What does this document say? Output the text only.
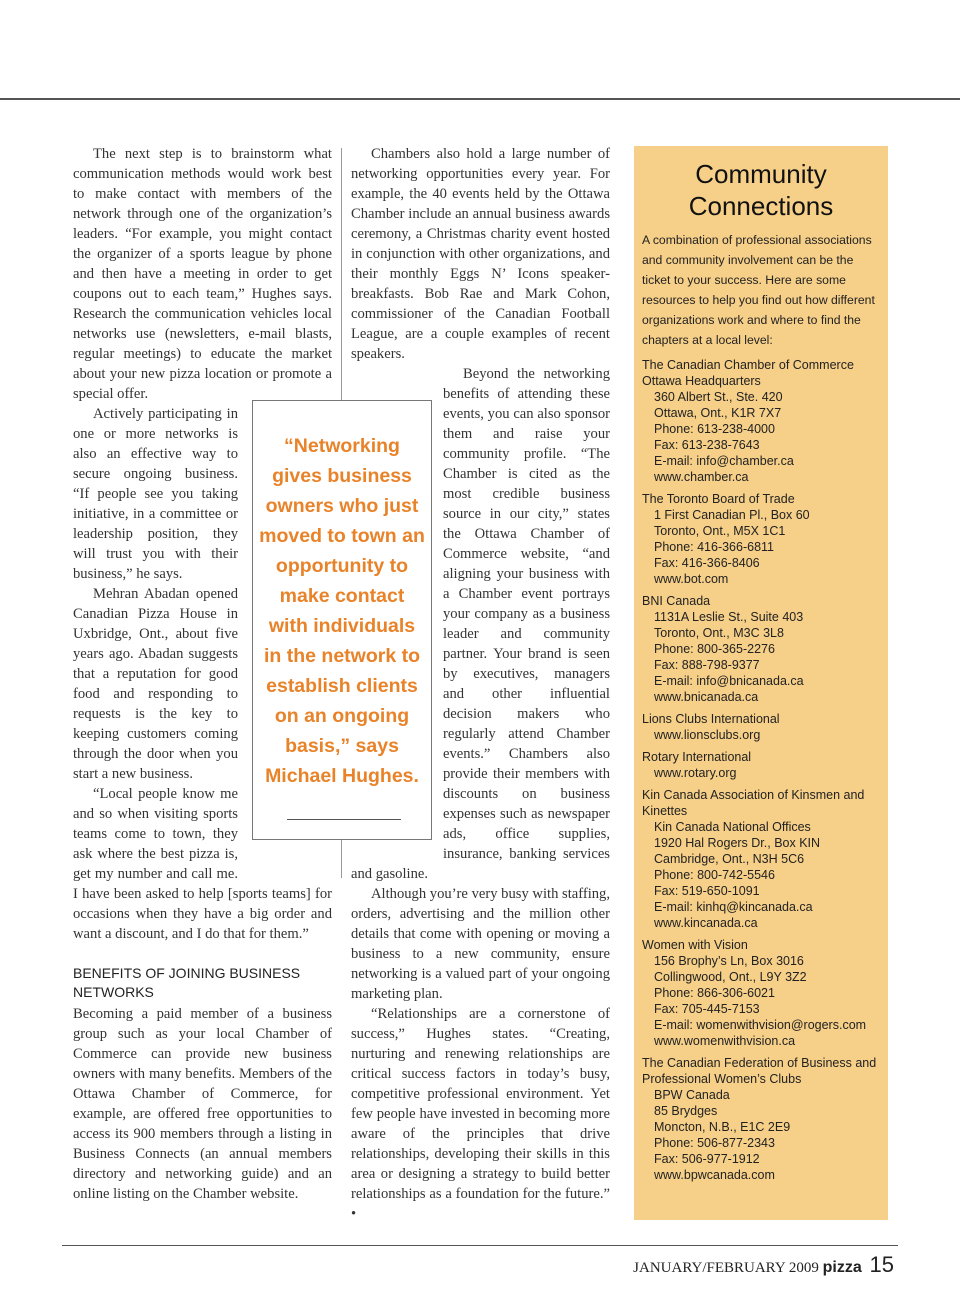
The next step is to brainstorm what communication methods would work best to make contact with members of the network through one of the organization’s leaders. “For example, you might contact the organizer of a sports league by phone and then have a meeting in order to get coupons out to each team,” Hughes says. Research the communication vehicles local networks use (newsletters, e-mail blasts, regular meetings) to educate the market about your new pizza location or promote a special offer.

Actively participating in one or more networks is also an effective way to secure ongoing business. “If people see you taking initiative, in a committee or leadership position, they will trust you with their business,” he says.

Mehran Abadan opened Canadian Pizza House in Uxbridge, Ont., about five years ago. Abadan suggests that a reputation for good food and responding to requests is the key to keeping customers coming through the door when you start a new business.

“Local people know me and so when visiting sports teams come to town, they ask where the best pizza is, get my number and call me. I have been asked to help [sports teams] for occasions when they have a big order and want a discount, and I do that for them.”

BENEFITS OF JOINING BUSINESS NETWORKS

Becoming a paid member of a business group such as your local Chamber of Commerce can provide new business owners with many benefits. Members of the Ottawa Chamber of Commerce, for example, are offered free opportunities to access its 900 members through a listing in Business Connects (an annual members directory and networking guide) and an online listing on the Chamber website.

Chambers also hold a large number of networking opportunities every year. For example, the 40 events held by the Ottawa Chamber include an annual business awards ceremony, a Christmas charity event hosted in conjunction with other organizations, and their monthly Eggs N’ Icons speaker-breakfasts. Bob Rae and Mark Cohon, commissioner of the Canadian Football League, are a couple examples of recent speakers.

Beyond the networking benefits of attending these events, you can also sponsor them and raise your community profile. “The Chamber is cited as the most credible business source in our city,” states the Ottawa Chamber of Commerce website, “and aligning your business with a Chamber event portrays your company as a business leader and community partner. Your brand is seen by executives, managers and other influential decision makers who regularly attend Chamber events.” Chambers also provide their members with discounts on business expenses such as newspaper ads, office supplies, insurance, banking services and gasoline.

Although you’re very busy with staffing, orders, advertising and the million other details that come with opening or moving a business to a new community, ensure networking is a valued part of your ongoing marketing plan.

“Relationships are a cornerstone of success,” Hughes states. “Creating, nurturing and renewing relationships are critical success factors in today’s busy, competitive professional environment. Yet few people have invested in becoming more aware of the principles that drive relationships, developing their skills in this area or designing a strategy to build better relationships as a foundation for the future.” •

“Networking gives business owners who just moved to town an opportunity to make contact with individuals in the network to establish clients on an ongoing basis,” says Michael Hughes.
Community Connections
A combination of professional associations and community involvement can be the ticket to your success. Here are some resources to help you find out how different organizations work and where to find the chapters at a local level:
The Canadian Chamber of Commerce
Ottawa Headquarters
360 Albert St., Ste. 420
Ottawa, Ont., K1R 7X7
Phone: 613-238-4000
Fax: 613-238-7643
E-mail: info@chamber.ca
www.chamber.ca
The Toronto Board of Trade
1 First Canadian Pl., Box 60
Toronto, Ont., M5X 1C1
Phone: 416-366-6811
Fax: 416-366-8406
www.bot.com
BNI Canada
1131A Leslie St., Suite 403
Toronto, Ont., M3C 3L8
Phone: 800-365-2276
Fax: 888-798-9377
E-mail: info@bnicanada.ca
www.bnicanada.ca
Lions Clubs International
www.lionsclubs.org
Rotary International
www.rotary.org
Kin Canada Association of Kinsmen and Kinettes
Kin Canada National Offices
1920 Hal Rogers Dr., Box KIN
Cambridge, Ont., N3H 5C6
Phone: 800-742-5546
Fax: 519-650-1091
E-mail: kinhq@kincanada.ca
www.kincanada.ca
Women with Vision
156 Brophy’s Ln, Box 3016
Collingwood, Ont., L9Y 3Z2
Phone: 866-306-6021
Fax: 705-445-7153
E-mail: womenwithvision@rogers.com
www.womenwithvision.ca
The Canadian Federation of Business and Professional Women’s Clubs
BPW Canada
85 Brydges
Moncton, N.B., E1C 2E9
Phone: 506-877-2343
Fax: 506-977-1912
www.bpwcanada.com
JANUARY/FEBRUARY 2009 pizza 15
